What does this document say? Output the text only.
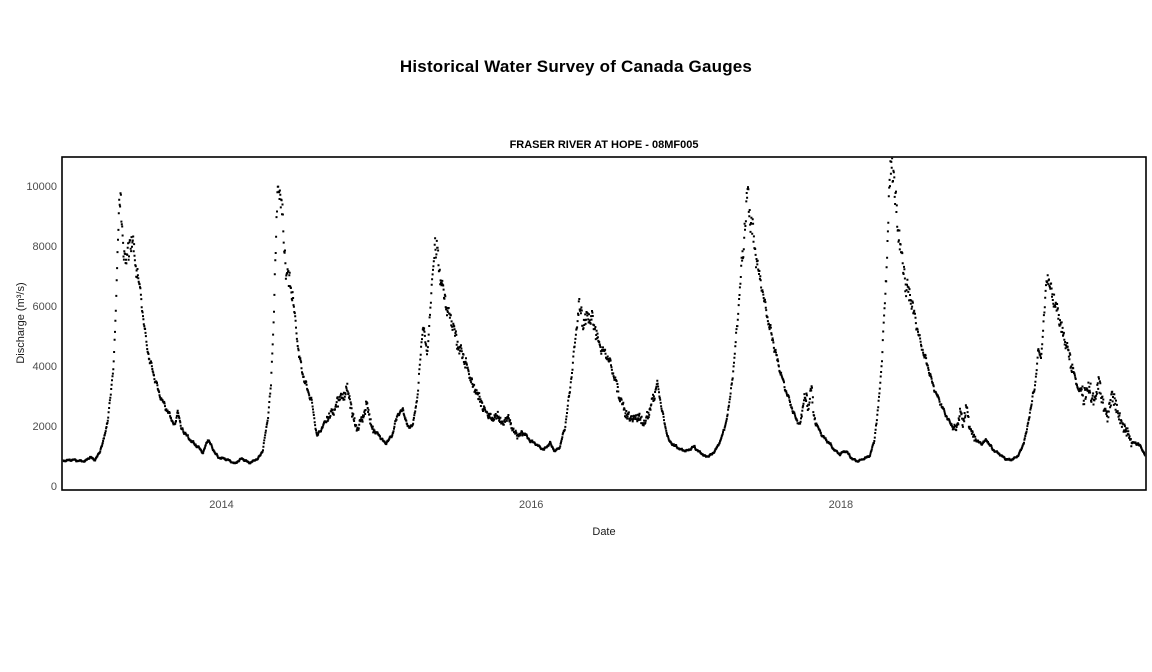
Historical Water Survey of Canada Gauges
FRASER RIVER AT HOPE - 08MF005
0
2000
4000
6000
8000
10000
2014	2016	2018
Date
Discharge (m³/s)
